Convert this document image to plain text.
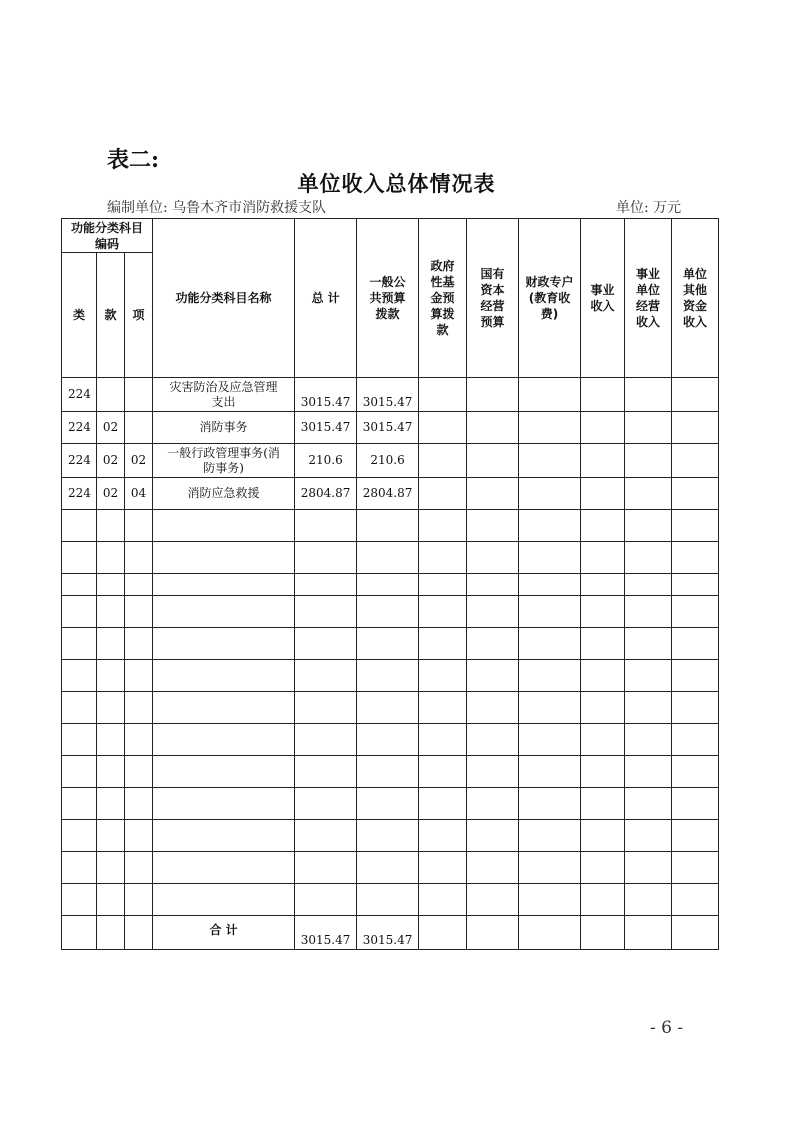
表二:
单位收入总体情况表
编制单位: 乌鲁木齐市消防救援支队	单位: 万元
功能分类科目编码			功能分类科目名称	总 计	一般公共预算拨款	政府性基金预算拨款	国有资本经营预算	财政专户(教育收费)	事业收入	事业单位经营收入	单位其他资金收入
类	款	项									
224			灾害防治及应急管理支出	3015.47	3015.47						
224	02		消防事务	3015.47	3015.47						
224	02	02	一般行政管理事务(消防事务)	210.6	210.6						
224	02	04	消防应急救援	2804.87	2804.87						

			合 计	3015.47	3015.47						
- 6 -
